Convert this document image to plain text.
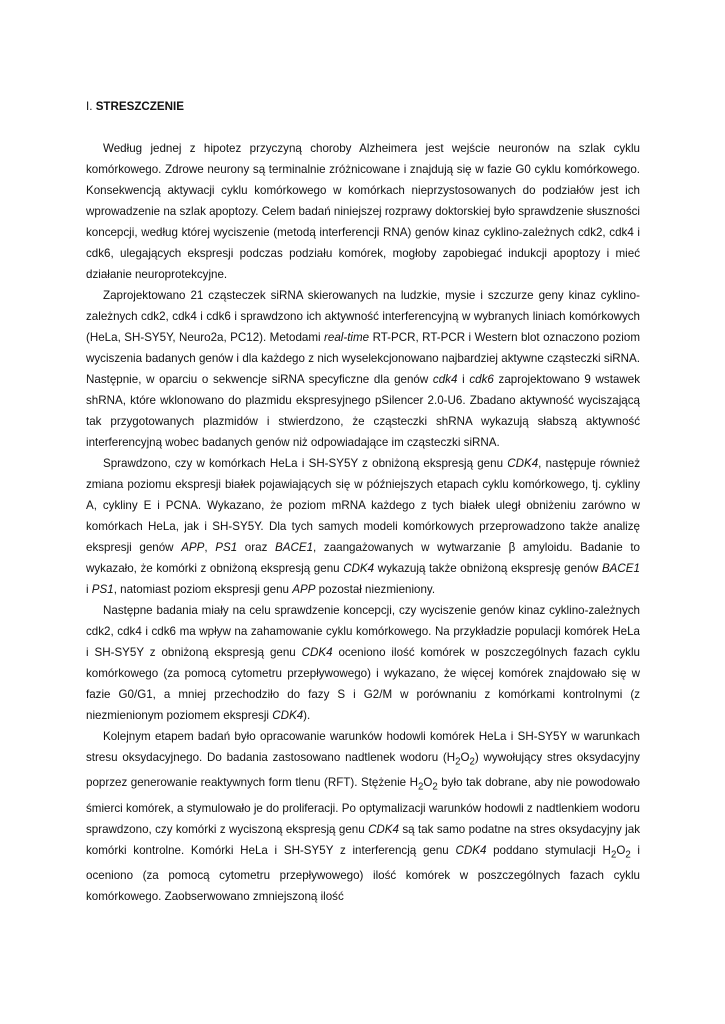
I. STRESZCZENIE

Według jednej z hipotez przyczyną choroby Alzheimera jest wejście neuronów na szlak cyklu komórkowego. Zdrowe neurony są terminalnie zróżnicowane i znajdują się w fazie G0 cyklu komórkowego. Konsekwencją aktywacji cyklu komórkowego w komórkach nieprzystosowanych do podziałów jest ich wprowadzenie na szlak apoptozy. Celem badań niniejszej rozprawy doktorskiej było sprawdzenie słuszności koncepcji, według której wyciszenie (metodą interferencji RNA) genów kinaz cyklino-zależnych cdk2, cdk4 i cdk6, ulegających ekspresji podczas podziału komórek, mogłoby zapobiegać indukcji apoptozy i mieć działanie neuroprotekcyjne.

Zaprojektowano 21 cząsteczek siRNA skierowanych na ludzkie, mysie i szczurze geny kinaz cyklino-zależnych cdk2, cdk4 i cdk6 i sprawdzono ich aktywność interferencyjną w wybranych liniach komórkowych (HeLa, SH-SY5Y, Neuro2a, PC12). Metodami real-time RT-PCR, RT-PCR i Western blot oznaczono poziom wyciszenia badanych genów i dla każdego z nich wyselekcjonowano najbardziej aktywne cząsteczki siRNA. Następnie, w oparciu o sekwencje siRNA specyficzne dla genów cdk4 i cdk6 zaprojektowano 9 wstawek shRNA, które wklonowano do plazmidu ekspresyjnego pSilencer 2.0-U6. Zbadano aktywność wyciszającą tak przygotowanych plazmidów i stwierdzono, że cząsteczki shRNA wykazują słabszą aktywność interferencyjną wobec badanych genów niż odpowiadające im cząsteczki siRNA.

Sprawdzono, czy w komórkach HeLa i SH-SY5Y z obniżoną ekspresją genu CDK4, następuje również zmiana poziomu ekspresji białek pojawiających się w późniejszych etapach cyklu komórkowego, tj. cykliny A, cykliny E i PCNA. Wykazano, że poziom mRNA każdego z tych białek uległ obniżeniu zarówno w komórkach HeLa, jak i SH-SY5Y. Dla tych samych modeli komórkowych przeprowadzono także analizę ekspresji genów APP, PS1 oraz BACE1, zaangażowanych w wytwarzanie β amyloidu. Badanie to wykazało, że komórki z obniżoną ekspresją genu CDK4 wykazują także obniżoną ekspresję genów BACE1 i PS1, natomiast poziom ekspresji genu APP pozostał niezmieniony.

Następne badania miały na celu sprawdzenie koncepcji, czy wyciszenie genów kinaz cyklino-zależnych cdk2, cdk4 i cdk6 ma wpływ na zahamowanie cyklu komórkowego. Na przykładzie populacji komórek HeLa i SH-SY5Y z obniżoną ekspresją genu CDK4 oceniono ilość komórek w poszczególnych fazach cyklu komórkowego (za pomocą cytometru przepływowego) i wykazano, że więcej komórek znajdowało się w fazie G0/G1, a mniej przechodziło do fazy S i G2/M w porównaniu z komórkami kontrolnymi (z niezmienionym poziomem ekspresji CDK4).

Kolejnym etapem badań było opracowanie warunków hodowli komórek HeLa i SH-SY5Y w warunkach stresu oksydacyjnego. Do badania zastosowano nadtlenek wodoru $(H_2O_2)$ wywołujący stres oksydacyjny poprzez generowanie reaktywnych form tlenu (RFT). Stężenie $H_2O_2$ było tak dobrane, aby nie powodowało śmierci komórek, a stymulowało je do proliferacji. Po optymalizacji warunków hodowli z nadtlenkiem wodoru sprawdzono, czy komórki z wyciszoną ekspresją genu CDK4 są tak samo podatne na stres oksydacyjny jak komórki kontrolne. Komórki HeLa i SH-SY5Y z interferencją genu CDK4 poddano stymulacji $H_2O_2$ i oceniono (za pomocą cytometru przepływowego) ilość komórek w poszczególnych fazach cyklu komórkowego. Zaobserwowano zmniejszoną ilość
